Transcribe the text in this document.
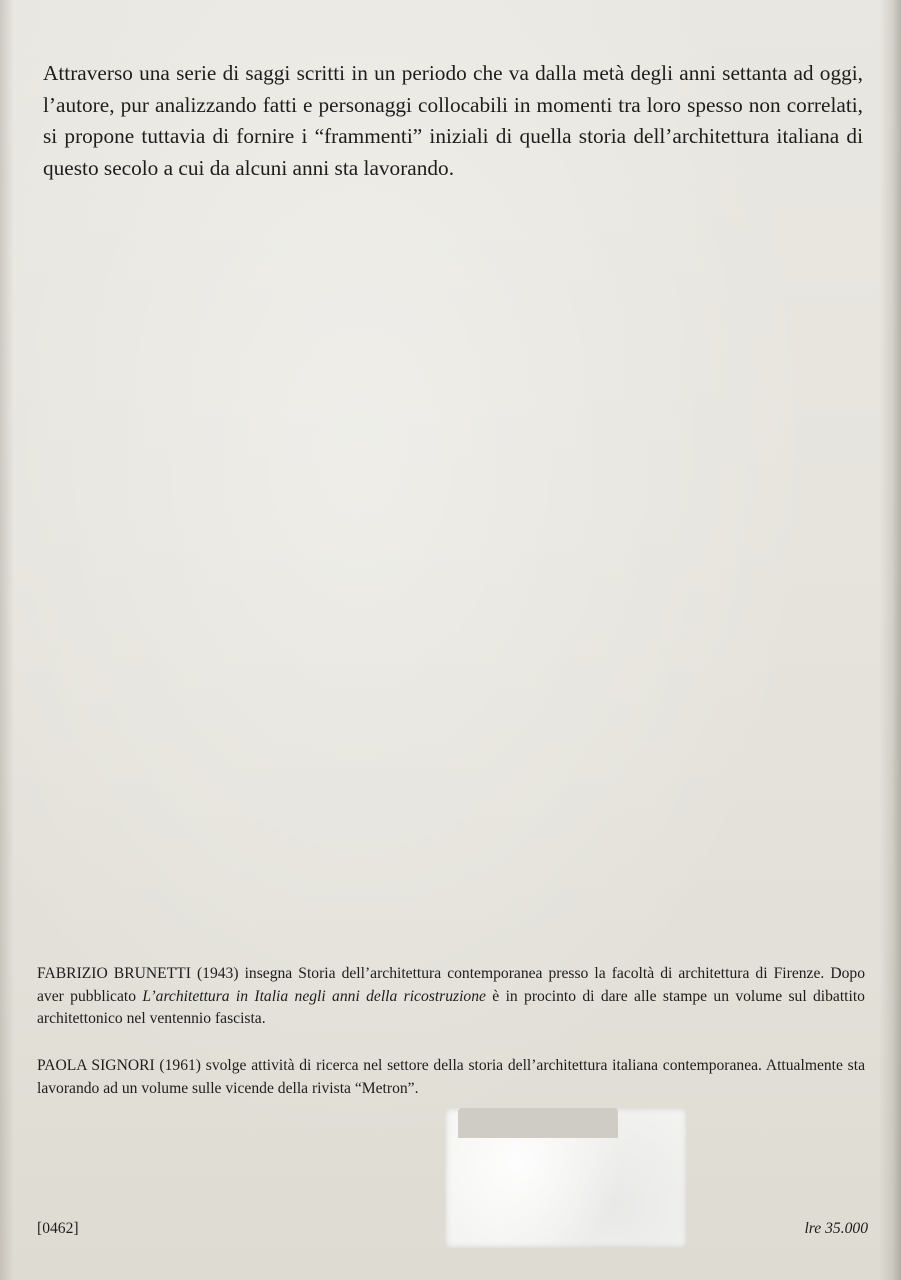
Attraverso una serie di saggi scritti in un periodo che va dalla metà degli anni settanta ad oggi, l’autore, pur analizzando fatti e personaggi collocabili in momenti tra loro spesso non correlati, si propone tuttavia di fornire i “frammenti” iniziali di quella storia dell’architettura italiana di questo secolo a cui da alcuni anni sta lavorando.

FABRIZIO BRUNETTI (1943) insegna Storia dell’architettura contemporanea presso la facoltà di architettura di Firenze. Dopo aver pubblicato L’architettura in Italia negli anni della ricostruzione è in procinto di dare alle stampe un volume sul dibattito architettonico nel ventennio fascista.

PAOLA SIGNORI (1961) svolge attività di ricerca nel settore della storia dell’architettura italiana contemporanea. Attualmente sta lavorando ad un volume sulle vicende della rivista “Metron”.

[0462]	lre 35.000
